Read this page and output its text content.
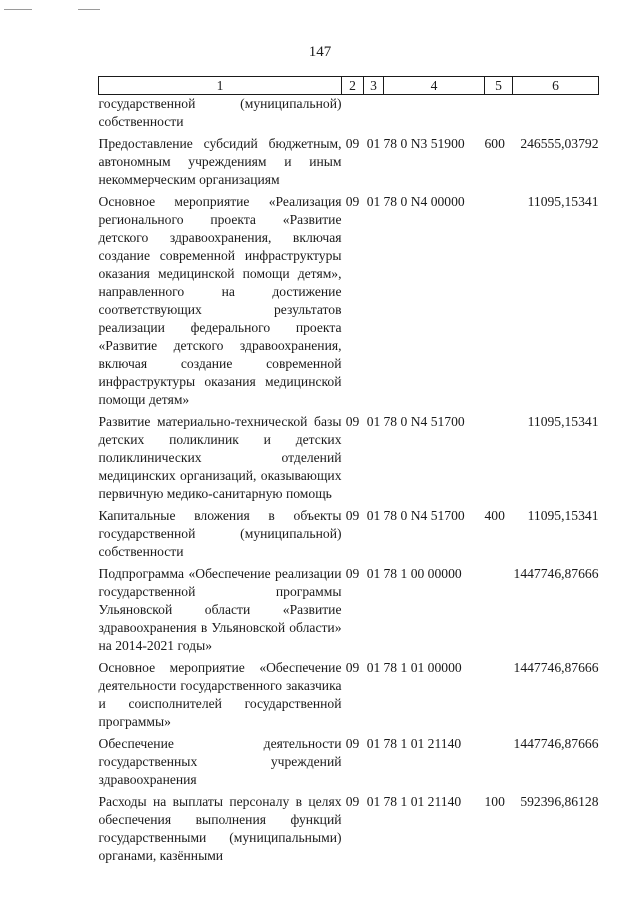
147
1	2	3	4	5	6
государственной (муниципальной) собственности					
Предоставление субсидий бюджетным, автономным учреждениям и иным некоммерческим организациям	09	01	78 0 N3 51900	600	246555,03792
Основное мероприятие «Реализация регионального проекта «Развитие детского здравоохранения, включая создание современной инфраструктуры оказания медицинской помощи детям», направленного на достижение соответствующих результатов реализации федерального проекта «Развитие детского здравоохранения, включая создание современной инфраструктуры оказания медицинской помощи детям»	09	01	78 0 N4 00000		11095,15341
Развитие материально-технической базы детских поликлиник и детских поликлинических отделений медицинских организаций, оказывающих первичную медико-санитарную помощь	09	01	78 0 N4 51700		11095,15341
Капитальные вложения в объекты государственной (муниципальной) собственности	09	01	78 0 N4 51700	400	11095,15341
Подпрограмма «Обеспечение реализации государственной программы Ульяновской области «Развитие здравоохранения в Ульяновской области» на 2014-2021 годы»	09	01	78 1 00 00000		1447746,87666
Основное мероприятие «Обеспечение деятельности государственного заказчика и соисполнителей государственной программы»	09	01	78 1 01 00000		1447746,87666
Обеспечение деятельности государственных учреждений здравоохранения	09	01	78 1 01 21140		1447746,87666
Расходы на выплаты персоналу в целях обеспечения выполнения функций государственными (муниципальными) органами, казёнными	09	01	78 1 01 21140	100	592396,86128
